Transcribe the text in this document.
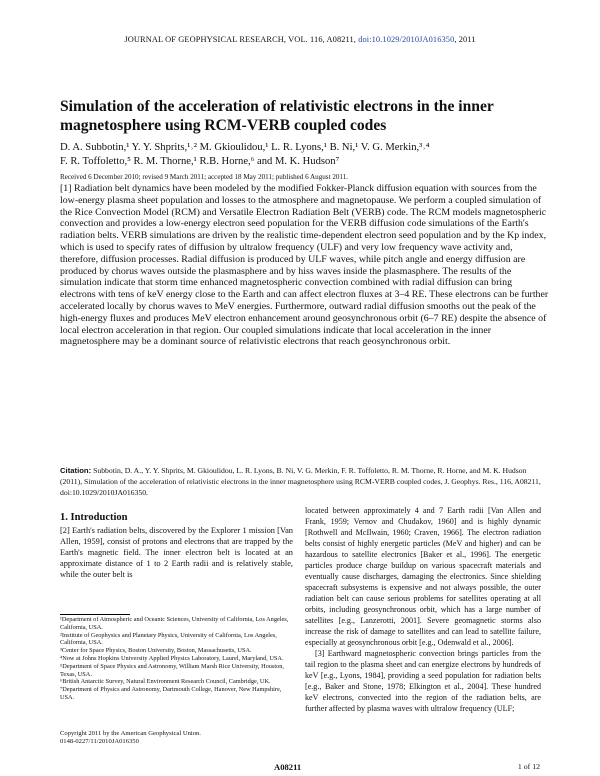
JOURNAL OF GEOPHYSICAL RESEARCH, VOL. 116, A08211, doi:10.1029/2010JA016350, 2011
Simulation of the acceleration of relativistic electrons in the inner magnetosphere using RCM-VERB coupled codes
D. A. Subbotin,¹ Y. Y. Shprits,¹˒² M. Gkioulidou,¹ L. R. Lyons,¹ B. Ni,¹ V. G. Merkin,³˒⁴
F. R. Toffoletto,⁵ R. M. Thorne,¹ R.B. Horne,⁶ and M. K. Hudson⁷
Received 6 December 2010; revised 9 March 2011; accepted 18 May 2011; published 6 August 2011.
[1] Radiation belt dynamics have been modeled by the modified Fokker-Planck diffusion equation with sources from the low-energy plasma sheet population and losses to the atmosphere and magnetopause. We perform a coupled simulation of the Rice Convection Model (RCM) and Versatile Electron Radiation Belt (VERB) code. The RCM models magnetospheric convection and provides a low-energy electron seed population for the VERB diffusion code simulations of the Earth's radiation belts. VERB simulations are driven by the realistic time-dependent electron seed population and by the Kp index, which is used to specify rates of diffusion by ultralow frequency (ULF) and very low frequency wave activity and, therefore, diffusion processes. Radial diffusion is produced by ULF waves, while pitch angle and energy diffusion are produced by chorus waves outside the plasmasphere and by hiss waves inside the plasmasphere. The results of the simulation indicate that storm time enhanced magnetospheric convection combined with radial diffusion can bring electrons with tens of keV energy close to the Earth and can affect electron fluxes at 3–4 RE. These electrons can be further accelerated locally by chorus waves to MeV energies. Furthermore, outward radial diffusion smooths out the peak of the high-energy fluxes and produces MeV electron enhancement around geosynchronous orbit (6–7 RE) despite the absence of local electron acceleration in that region. Our coupled simulations indicate that local acceleration in the inner magnetosphere may be a dominant source of relativistic electrons that reach geosynchronous orbit.
Citation: Subbotin, D. A., Y. Y. Shprits, M. Gkioulidou, L. R. Lyons, B. Ni, V. G. Merkin, F. R. Toffoletto, R. M. Thorne, R. Horne, and M. K. Hudson (2011), Simulation of the acceleration of relativistic electrons in the inner magnetosphere using RCM-VERB coupled codes, J. Geophys. Res., 116, A08211, doi:10.1029/2010JA016350.
1. Introduction
[2] Earth's radiation belts, discovered by the Explorer 1 mission [Van Allen, 1959], consist of protons and electrons that are trapped by the Earth's magnetic field. The inner electron belt is located at an approximate distance of 1 to 2 Earth radii and is relatively stable, while the outer belt is
located between approximately 4 and 7 Earth radii [Van Allen and Frank, 1959; Vernov and Chudakov, 1960] and is highly dynamic [Rothwell and McIlwain, 1960; Craven, 1966]. The electron radiation belts consist of highly energetic particles (MeV and higher) and can be hazardous to satellite electronics [Baker et al., 1996]. The energetic particles produce charge buildup on various spacecraft materials and eventually cause discharges, damaging the electronics. Since shielding spacecraft subsystems is expensive and not always possible, the outer radiation belt can cause serious problems for satellites operating at all orbits, including geosynchronous orbit, which has a large number of satellites [e.g., Lanzerotti, 2001]. Severe geomagnetic storms also increase the risk of damage to satellites and can lead to satellite failure, especially at geosynchronous orbit [e.g., Odenwald et al., 2006].
[3] Earthward magnetospheric convection brings particles from the tail region to the plasma sheet and can energize electrons by hundreds of keV [e.g., Lyons, 1984], providing a seed population for radiation belts [e.g., Baker and Stone, 1978; Elkington et al., 2004]. These hundred keV electrons, convected into the region of the radiation belts, are further affected by plasma waves with ultralow frequency (ULF;

¹Department of Atmospheric and Oceanic Sciences, University of California, Los Angeles, California, USA.

²Institute of Geophysics and Planetary Physics, University of California, Los Angeles, California, USA.

³Center for Space Physics, Boston University, Boston, Massachusetts, USA.

⁴Now at Johns Hopkins University Applied Physics Laboratory, Laurel, Maryland, USA.

⁵Department of Space Physics and Astronomy, William Marsh Rice University, Houston, Texas, USA.

⁶British Antarctic Survey, Natural Environment Research Council, Cambridge, UK.

⁷Department of Physics and Astronomy, Dartmouth College, Hanover, New Hampshire, USA.

Copyright 2011 by the American Geophysical Union.
0148-0227/11/2010JA016350
A08211	1 of 12
